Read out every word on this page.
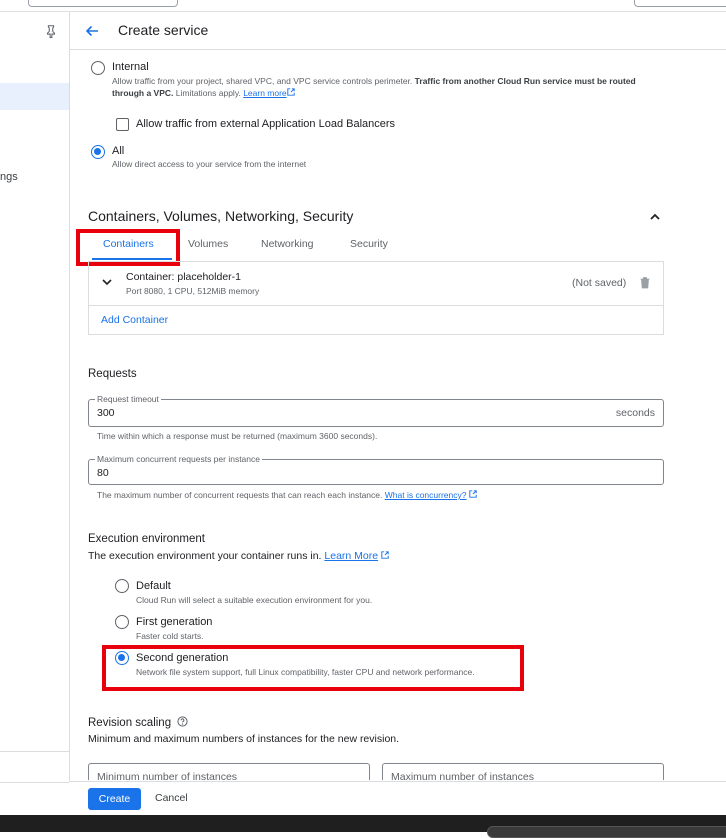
ngs
Create service
Internal
Allow traffic from your project, shared VPC, and VPC service controls perimeter. Traffic from another Cloud Run service must be routed through a VPC. Limitations apply. Learn more
Allow traffic from external Application Load Balancers
All
Allow direct access to your service from the internet
Containers, Volumes, Networking, Security
Containers	Volumes	Networking	Security
Container: placeholder-1
Port 8080, 1 CPU, 512MiB memory
(Not saved)
Add Container
Requests
Request timeout
300	seconds
Time within which a response must be returned (maximum 3600 seconds).
Maximum concurrent requests per instance
80
The maximum number of concurrent requests that can reach each instance. What is concurrency?
Execution environment
The execution environment your container runs in. Learn More
Default
Cloud Run will select a suitable execution environment for you.
First generation
Faster cold starts.
Second generation
Network file system support, full Linux compatibility, faster CPU and network performance.
Revision scaling
Minimum and maximum numbers of instances for the new revision.
Minimum number of instances	Maximum number of instances
Create	Cancel
